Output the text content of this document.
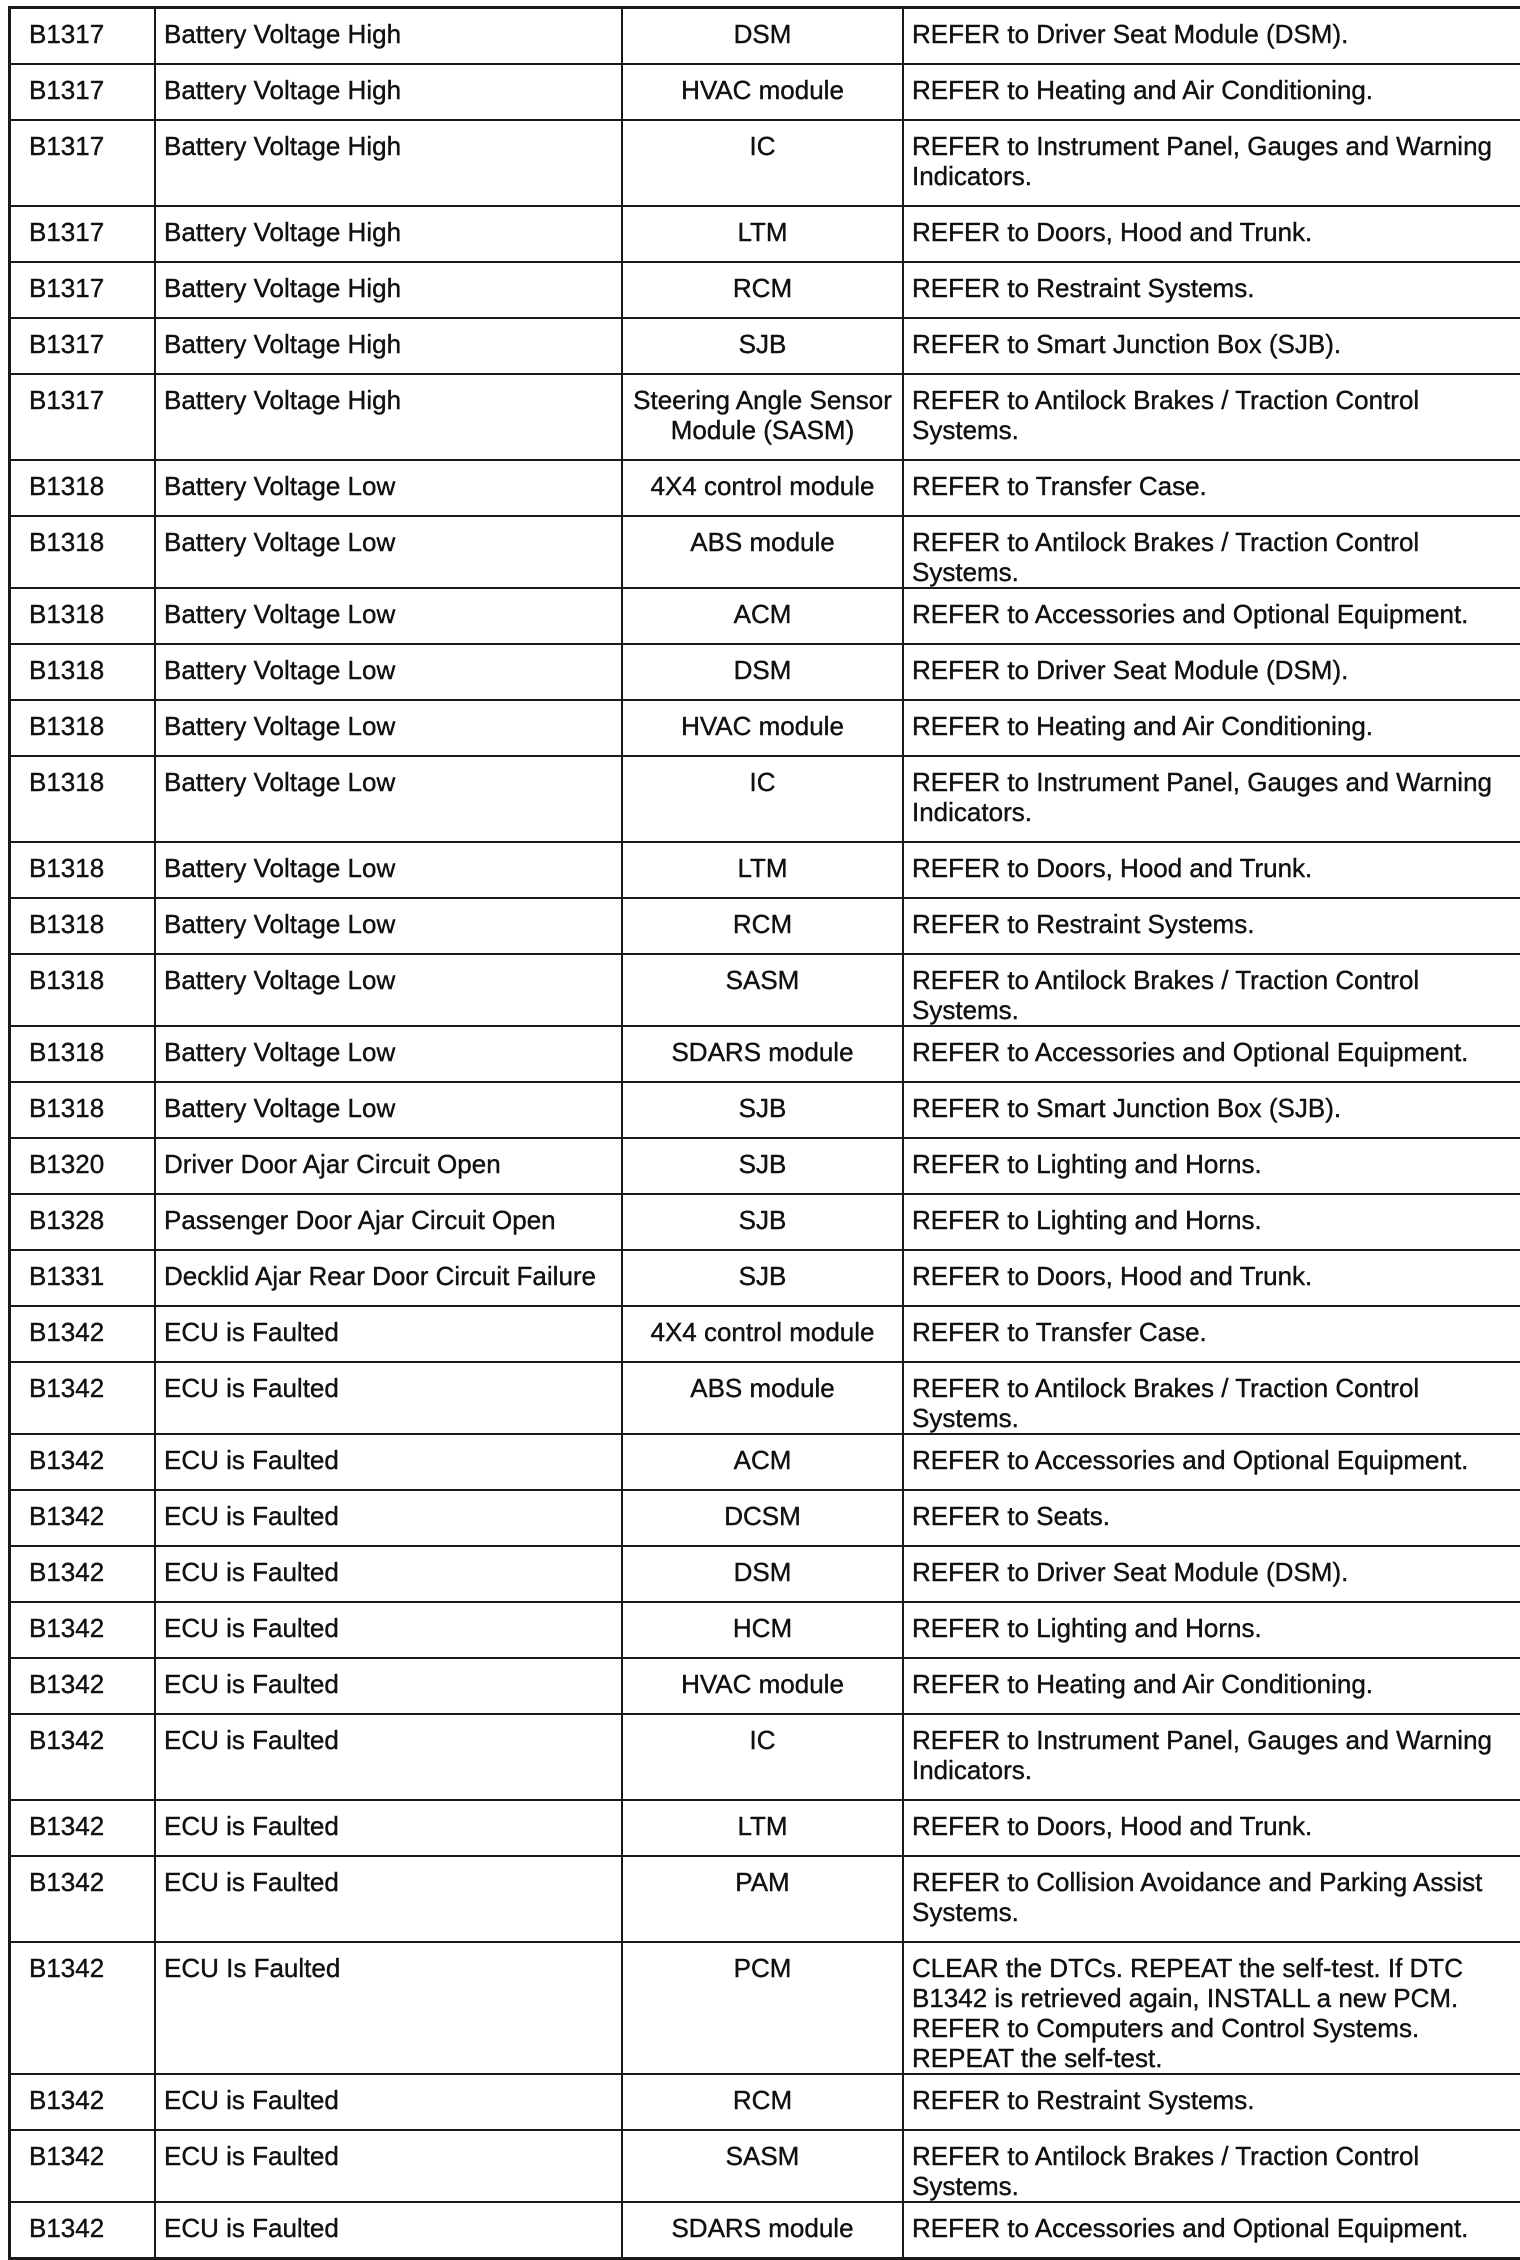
B1317	Battery Voltage High	DSM	REFER to Driver Seat Module (DSM).
B1317	Battery Voltage High	HVAC module	REFER to Heating and Air Conditioning.
B1317	Battery Voltage High	IC	REFER to Instrument Panel, Gauges and Warning Indicators.
B1317	Battery Voltage High	LTM	REFER to Doors, Hood and Trunk.
B1317	Battery Voltage High	RCM	REFER to Restraint Systems.
B1317	Battery Voltage High	SJB	REFER to Smart Junction Box (SJB).
B1317	Battery Voltage High	Steering Angle Sensor Module (SASM)	REFER to Antilock Brakes / Traction Control Systems.
B1318	Battery Voltage Low	4X4 control module	REFER to Transfer Case.
B1318	Battery Voltage Low	ABS module	REFER to Antilock Brakes / Traction Control Systems.
B1318	Battery Voltage Low	ACM	REFER to Accessories and Optional Equipment.
B1318	Battery Voltage Low	DSM	REFER to Driver Seat Module (DSM).
B1318	Battery Voltage Low	HVAC module	REFER to Heating and Air Conditioning.
B1318	Battery Voltage Low	IC	REFER to Instrument Panel, Gauges and Warning Indicators.
B1318	Battery Voltage Low	LTM	REFER to Doors, Hood and Trunk.
B1318	Battery Voltage Low	RCM	REFER to Restraint Systems.
B1318	Battery Voltage Low	SASM	REFER to Antilock Brakes / Traction Control Systems.
B1318	Battery Voltage Low	SDARS module	REFER to Accessories and Optional Equipment.
B1318	Battery Voltage Low	SJB	REFER to Smart Junction Box (SJB).
B1320	Driver Door Ajar Circuit Open	SJB	REFER to Lighting and Horns.
B1328	Passenger Door Ajar Circuit Open	SJB	REFER to Lighting and Horns.
B1331	Decklid Ajar Rear Door Circuit Failure	SJB	REFER to Doors, Hood and Trunk.
B1342	ECU is Faulted	4X4 control module	REFER to Transfer Case.
B1342	ECU is Faulted	ABS module	REFER to Antilock Brakes / Traction Control Systems.
B1342	ECU is Faulted	ACM	REFER to Accessories and Optional Equipment.
B1342	ECU is Faulted	DCSM	REFER to Seats.
B1342	ECU is Faulted	DSM	REFER to Driver Seat Module (DSM).
B1342	ECU is Faulted	HCM	REFER to Lighting and Horns.
B1342	ECU is Faulted	HVAC module	REFER to Heating and Air Conditioning.
B1342	ECU is Faulted	IC	REFER to Instrument Panel, Gauges and Warning Indicators.
B1342	ECU is Faulted	LTM	REFER to Doors, Hood and Trunk.
B1342	ECU is Faulted	PAM	REFER to Collision Avoidance and Parking Assist Systems.
B1342	ECU Is Faulted	PCM	CLEAR the DTCs. REPEAT the self-test. If DTC B1342 is retrieved again, INSTALL a new PCM. REFER to Computers and Control Systems. REPEAT the self-test.
B1342	ECU is Faulted	RCM	REFER to Restraint Systems.
B1342	ECU is Faulted	SASM	REFER to Antilock Brakes / Traction Control Systems.
B1342	ECU is Faulted	SDARS module	REFER to Accessories and Optional Equipment.
